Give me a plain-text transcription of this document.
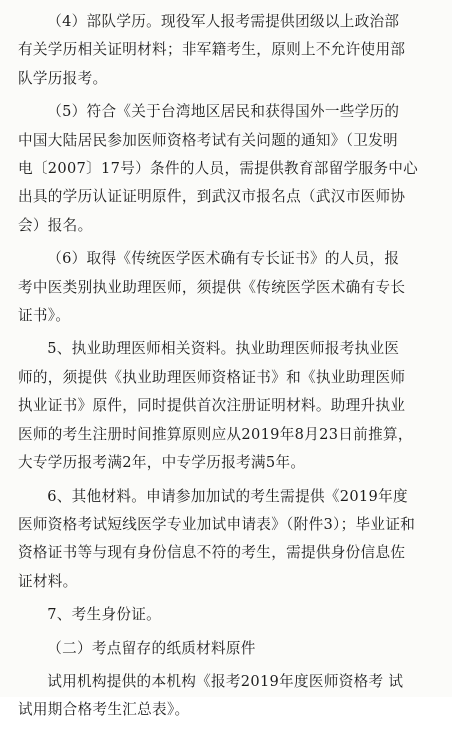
（4）部队学历。现役军人报考需提供团级以上政治部
有关学历相关证明材料；非军籍考生，原则上不允许使用部
队学历报考。

（5）符合《关于台湾地区居民和获得国外一些学历的
中国大陆居民参加医师资格考试有关问题的通知》（卫发明
电〔2007〕17号）条件的人员，需提供教育部留学服务中心
出具的学历认证证明原件，到武汉市报名点（武汉市医师协
会）报名。

（6）取得《传统医学医术确有专长证书》的人员，报
考中医类别执业助理医师，须提供《传统医学医术确有专长
证书》。

5、执业助理医师相关资料。执业助理医师报考执业医
师的，须提供《执业助理医师资格证书》和《执业助理医师
执业证书》原件，同时提供首次注册证明材料。助理升执业
医师的考生注册时间推算原则应从2019年8月23日前推算，
大专学历报考满2年，中专学历报考满5年。

6、其他材料。申请参加加试的考生需提供《2019年度
医师资格考试短线医学专业加试申请表》（附件3）；毕业证和
资格证书等与现有身份信息不符的考生，需提供身份信息佐
证材料。

7、考生身份证。

（二）考点留存的纸质材料原件

试用机构提供的本机构《报考2019年度医师资格考 试
试用期合格考生汇总表》。
